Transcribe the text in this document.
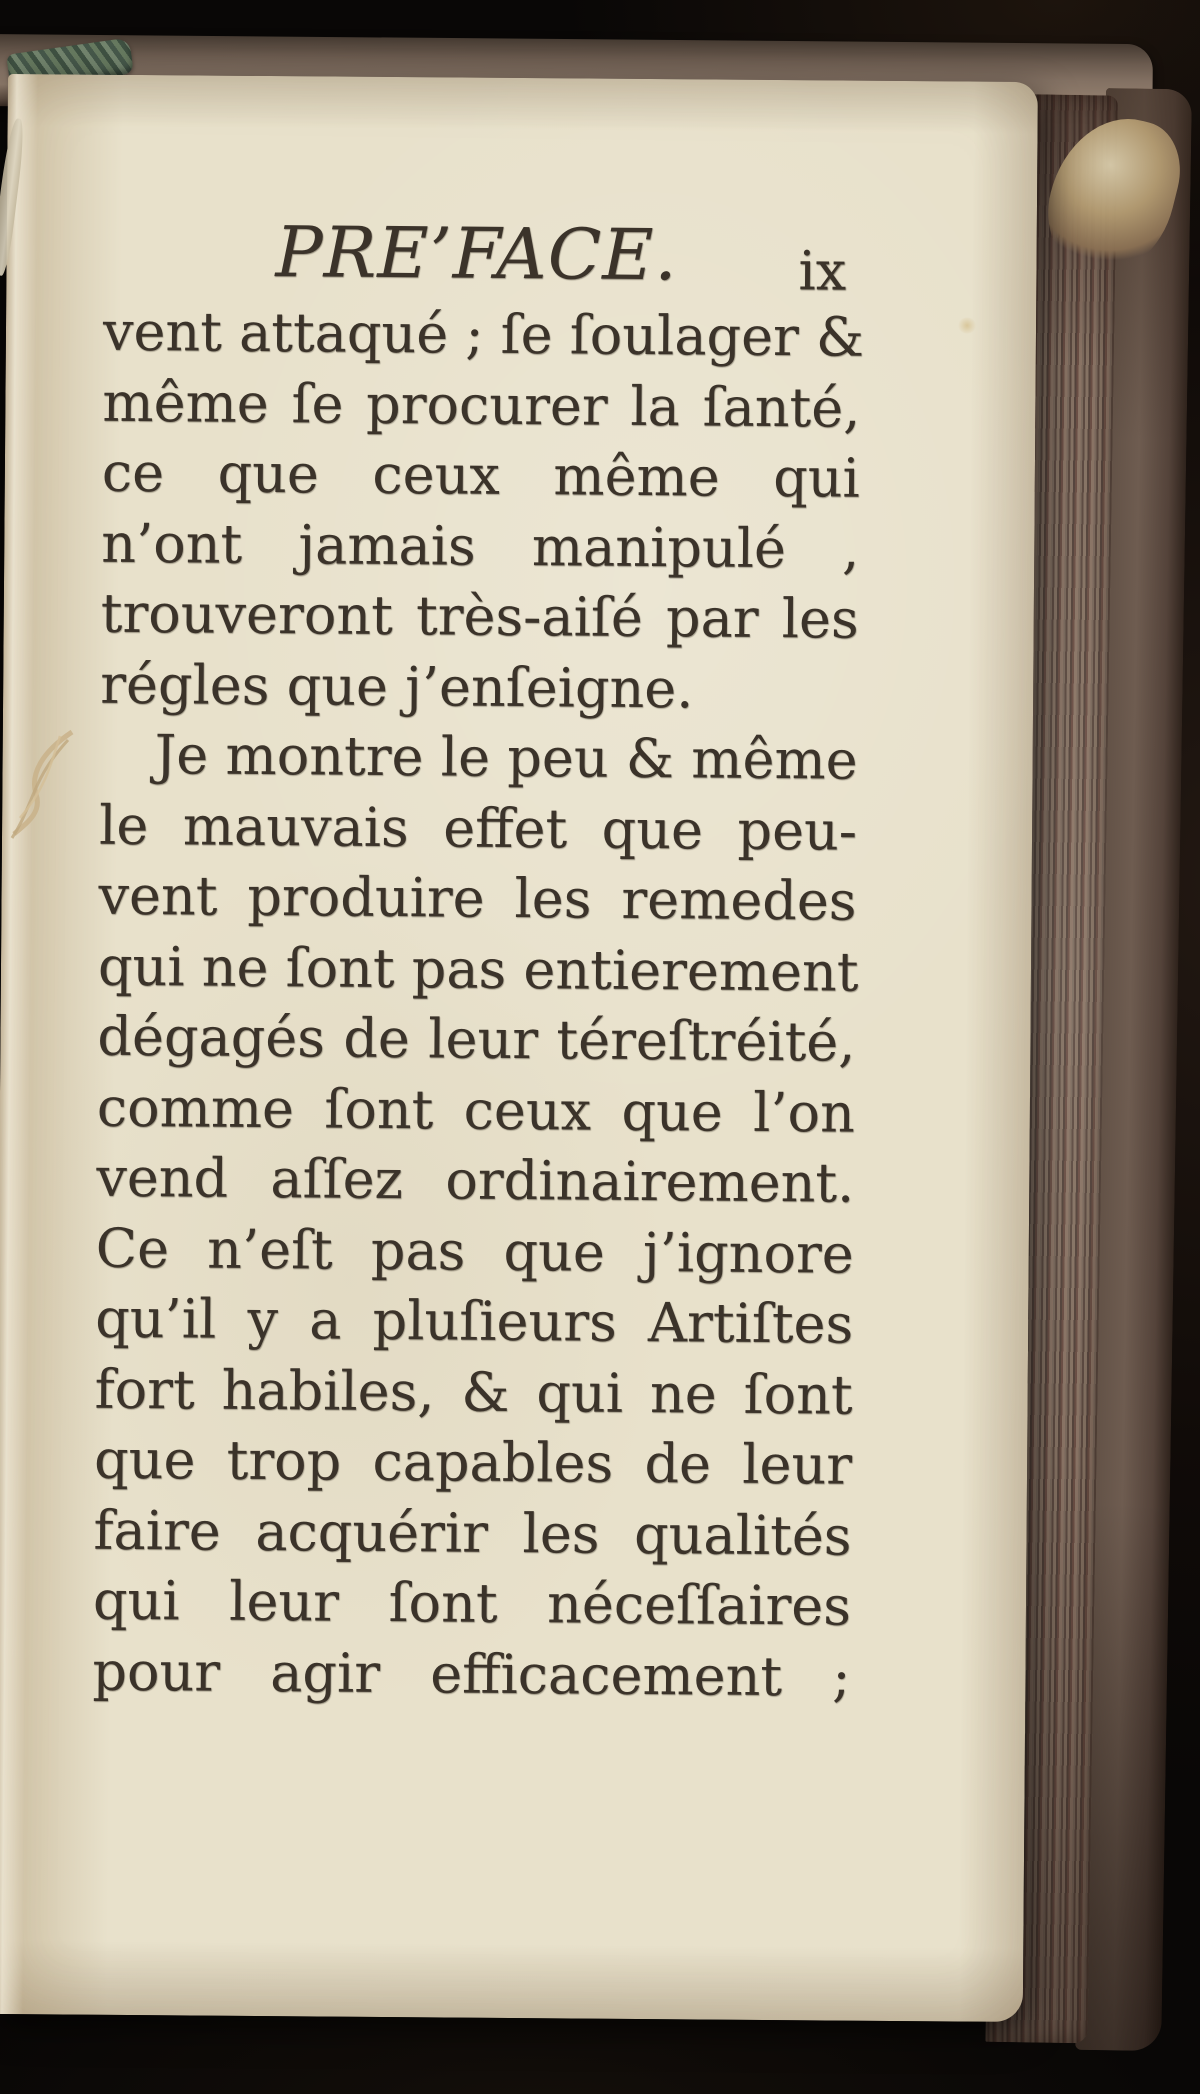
PRE’FACE. ix
vent attaqué ; ſe ſoulager &
même ſe procurer la ſanté,
ce que ceux même qui
n’ont jamais manipulé ,
trouveront très-aiſé par les
régles que j’enſeigne.
Je montre le peu & même
le mauvais effet que peu-
vent produire les remedes
qui ne ſont pas entierement
dégagés de leur téreſtréité,
comme ſont ceux que l’on
vend aſſez ordinairement.
Ce n’eſt pas que j’ignore
qu’il y a pluſieurs Artiſtes
fort habiles, & qui ne ſont
que trop capables de leur
faire acquérir les qualités
qui leur ſont néceſſaires
pour agir efficacement ;
